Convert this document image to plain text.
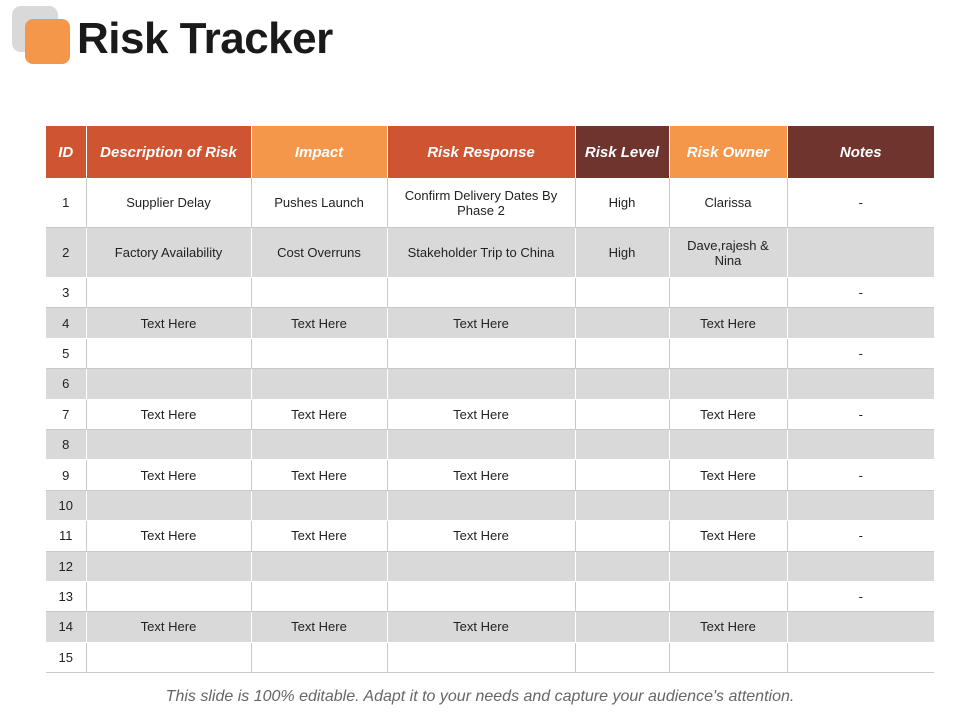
Risk Tracker
ID	Description of Risk	Impact	Risk Response	Risk Level	Risk Owner	Notes
1	Supplier Delay	Pushes Launch	Confirm Delivery Dates By Phase 2	High	Clarissa	-
2	Factory Availability	Cost Overruns	Stakeholder Trip to China	High	Dave,rajesh & Nina	
3						-
4	Text Here	Text Here	Text Here		Text Here	
5						-
6						
7	Text Here	Text Here	Text Here		Text Here	-
8						
9	Text Here	Text Here	Text Here		Text Here	-
10						
11	Text Here	Text Here	Text Here		Text Here	-
12						
13						-
14	Text Here	Text Here	Text Here		Text Here	
15						
This slide is 100% editable. Adapt it to your needs and capture your audience's attention.
